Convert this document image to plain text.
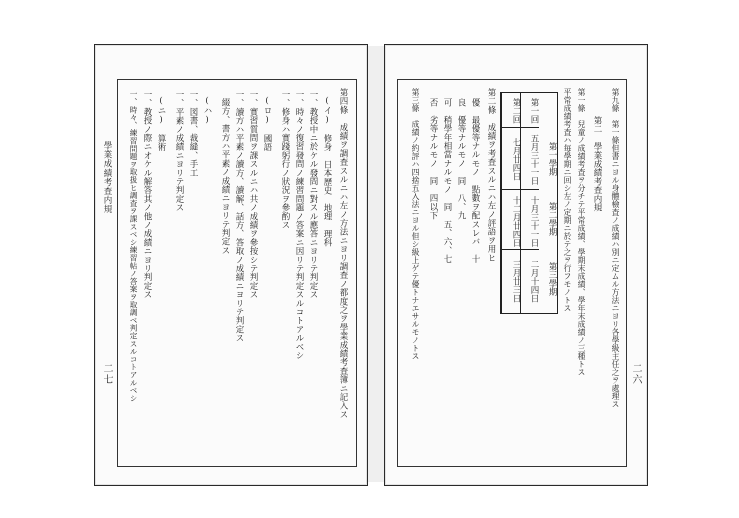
學業成績考査内規
二七	第四條　成績ヲ調査スルニハ左ノ方法ニヨリ調査ノ都度之ヲ學業成績考査簿ニ記入ス
(イ)　修身　日本歷史　地理　理科
一、教授中ニ於ケル發問ニ對スル應答ニヨリテ判定ス
一、時々ノ復習發問ノ練習問題ノ答案ニ因リテ判定スルコトアルベシ
一、修身ハ實踐躬行ノ狀況ヲ參酌ス
(ロ)　國語
一、實習質問ヲ課スルニハ共ノ成績ヲ參按シテ判定ス
一、讀方ハ平素ノ讀方、讀解、話方、答取ノ成績ニヨリテ判定ス
綴方、書方ハ平素ノ成績ニヨリテ判定ス
(ハ)　
一、図書、裁縫、手工
一、平素ノ成績ニヨリテ判定ス
(ニ)　算術
一、教授ノ際ニオケル解答其ノ他ノ成績ニヨリ判定ス
一、時々、練習問題ヲ取扱ヒ調査ヲ課スベシ練習帖ノ答案ヲ取調ベ判定スルコトアルベシ	二六
第九條　第一條但書ニヨル身體檢査ノ成績ハ別ニ定ムル方法ニヨリ各學級主任之ヲ處理ス
第二　學業成績考査内規
第一條　兒童ノ成績考査ヲ分チテ平常成績、學期末成績、學年末成績ノ三種トス
平常成績考査ハ毎學期ニ回シ左ノ定期ニ於テ之ヲ行フモノトス
第一學期
第二學期
第三學期
第一回
五月三十一日
十月三十一日
二月十四日
第二回
七月廿四日
十二月廿四日
三月廿三日
第二條　成績ヲ考査スルニハ左ノ評語ヲ用ヒ
優　最優等ナルモノ　點數ヲ配スレバ　十
良　優等ナルモノ　同　八、九
可　稍學年相當ナルモノ　同　五、六、七
否　劣等ナルモノ　同　四以下
第三條　成績ノ約評ハ四捨五入法ニヨル但シ級上ゲテ優トナエサルモノトス
